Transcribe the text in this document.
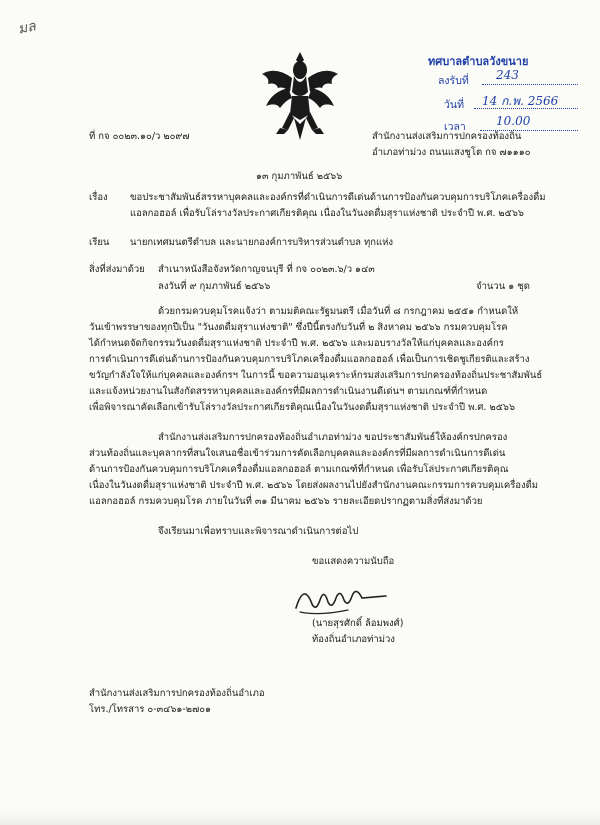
มล
ทศบาลตำบลวังขนาย
ลงรับที่ 243
วันที่ 14 ก.พ. 2566
เวลา	10.00
ที่ กจ ๐๐๒๓.๑๐/ว ๒๐๙๗	สำนักงานส่งเสริมการปกครองท้องถิ่น
อำเภอท่าม่วง ถนนแสงชูโต กจ ๗๑๑๑๐
๑๓ กุมภาพันธ์ ๒๕๖๖
เรื่อง ขอประชาสัมพันธ์สรรหาบุคคลและองค์กรที่ดำเนินการดีเด่นด้านการป้องกันควบคุมการบริโภคเครื่องดื่ม
แอลกอฮอล์ เพื่อรับโล่รางวัลประกาศเกียรติคุณ เนื่องในวันงดดื่มสุราแห่งชาติ ประจำปี พ.ศ. ๒๕๖๖
เรียน นายกเทศมนตรีตำบล และนายกองค์การบริหารส่วนตำบล ทุกแห่ง
สิ่งที่ส่งมาด้วย สำเนาหนังสือจังหวัดกาญจนบุรี ที่ กจ ๐๐๒๓.๖/ว ๑๔๓
ลงวันที่ ๙ กุมภาพันธ์ ๒๕๖๖	จำนวน ๑ ชุด
ด้วยกรมควบคุมโรคแจ้งว่า ตามมติคณะรัฐมนตรี เมื่อวันที่ ๘ กรกฎาคม ๒๕๕๑ กำหนดให้
วันเข้าพรรษาของทุกปีเป็น "วันงดดื่มสุราแห่งชาติ" ซึ่งปีนี้ตรงกับวันที่ ๒ สิงหาคม ๒๕๖๖ กรมควบคุมโรค
ได้กำหนดจัดกิจกรรมวันงดดื่มสุราแห่งชาติ ประจำปี พ.ศ. ๒๕๖๖ และมอบรางวัลให้แก่บุคคลและองค์กร
การดำเนินการดีเด่นด้านการป้องกันควบคุมการบริโภคเครื่องดื่มแอลกอฮอล์ เพื่อเป็นการเชิดชูเกียรติและสร้าง
ขวัญกำลังใจให้แก่บุคคลและองค์กรฯ ในการนี้ ขอความอนุเคราะห์กรมส่งเสริมการปกครองท้องถิ่นประชาสัมพันธ์
และแจ้งหน่วยงานในสังกัดสรรหาบุคคลและองค์กรที่มีผลการดำเนินงานดีเด่นฯ ตามเกณฑ์ที่กำหนด
เพื่อพิจารณาคัดเลือกเข้ารับโล่รางวัลประกาศเกียรติคุณเนื่องในวันงดดื่มสุราแห่งชาติ ประจำปี พ.ศ. ๒๕๖๖
สำนักงานส่งเสริมการปกครองท้องถิ่นอำเภอท่าม่วง ขอประชาสัมพันธ์ให้องค์กรปกครอง
ส่วนท้องถิ่นและบุคลากรที่สนใจเสนอชื่อเข้าร่วมการคัดเลือกบุคคลและองค์กรที่มีผลการดำเนินการดีเด่น
ด้านการป้องกันควบคุมการบริโภคเครื่องดื่มแอลกอฮอล์ ตามเกณฑ์ที่กำหนด เพื่อรับโล่ประกาศเกียรติคุณ
เนื่องในวันงดดื่มสุราแห่งชาติ ประจำปี พ.ศ. ๒๕๖๖ โดยส่งผลงานไปยังสำนักงานคณะกรรมการควบคุมเครื่องดื่ม
แอลกอฮอล์ กรมควบคุมโรค ภายในวันที่ ๓๑ มีนาคม ๒๕๖๖ รายละเอียดปรากฏตามสิ่งที่ส่งมาด้วย
จึงเรียนมาเพื่อทราบและพิจารณาดำเนินการต่อไป
ขอแสดงความนับถือ
(นายสุรศักดิ์ ล้อมพงศ์)
ท้องถิ่นอำเภอท่าม่วง
สำนักงานส่งเสริมการปกครองท้องถิ่นอำเภอ
โทร./โทรสาร ๐-๓๔๖๑-๒๗๐๑
